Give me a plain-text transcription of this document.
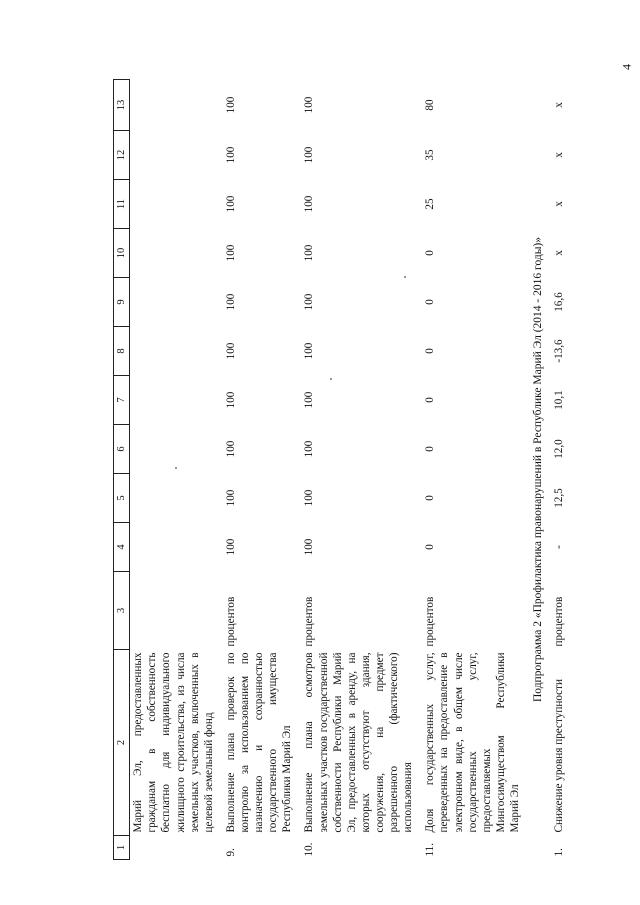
4
1	2	3	4	5	6	7	8	9	10	11	12	13
	Марий Эл, предоставленных гражданам в собственность бесплатно для индивидуального жилищного строительства, из числа земельных участков, включенных в целевой земельный фонд											
9.	Выполнение плана проверок по контролю за использованием по назначению и сохранностью государственного имущества Республики Марий Эл	процентов	100	100	100	100	100	100	100	100	100	100
10.	Выполнение плана осмотров земельных участков государственной собственности Республики Марий Эл, предоставленных в аренду, на которых отсутствуют здания, сооружения, на предмет разрешенного (фактического) использования	процентов	100	100	100	100	100	100	100	100	100	100
11.	Доля государственных услуг, переведенных на предоставление в электронном виде, в общем числе государственных услуг, предоставляемых Мингосимуществом Республики Марий Эл	процентов	0	0	0	0	0	0	0	25	35	80
Подпрограмма 2 «Профилактика правонарушений в Республике Марий Эл (2014 - 2016 годы)»												
1.	Снижение уровня преступности	процентов	-	12,5	12,0	10,1	-13,6	16,6	х	х	х	х
